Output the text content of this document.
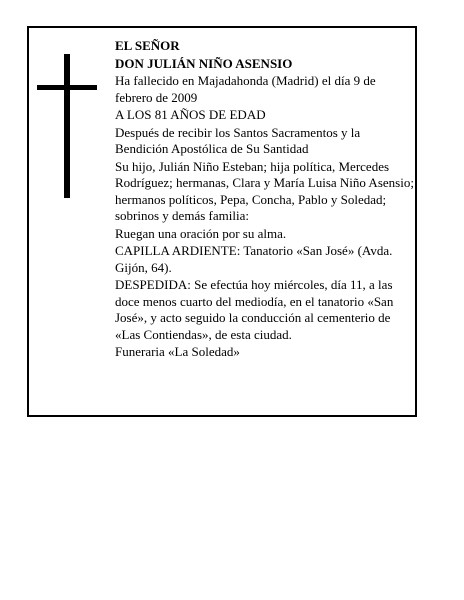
EL SEÑOR

DON JULIÁN NIÑO ASENSIO

Ha fallecido en Majadahonda (Madrid) el día 9 de febrero de 2009

A LOS 81 AÑOS DE EDAD

Después de recibir los Santos Sacramentos y la Bendición Apostólica de Su Santidad

Su hijo, Julián Niño Esteban; hija política, Mercedes Rodríguez; hermanas, Clara y María Luisa Niño Asensio; hermanos políticos, Pepa, Concha, Pablo y Soledad; sobrinos y demás familia:

Ruegan una oración por su alma.

CAPILLA ARDIENTE: Tanatorio «San José» (Avda. Gijón, 64).

DESPEDIDA: Se efectúa hoy miércoles, día 11, a las doce menos cuarto del mediodía, en el tanatorio «San José», y acto seguido la conducción al cementerio de «Las Contiendas», de esta ciudad.

Funeraria «La Soledad»
